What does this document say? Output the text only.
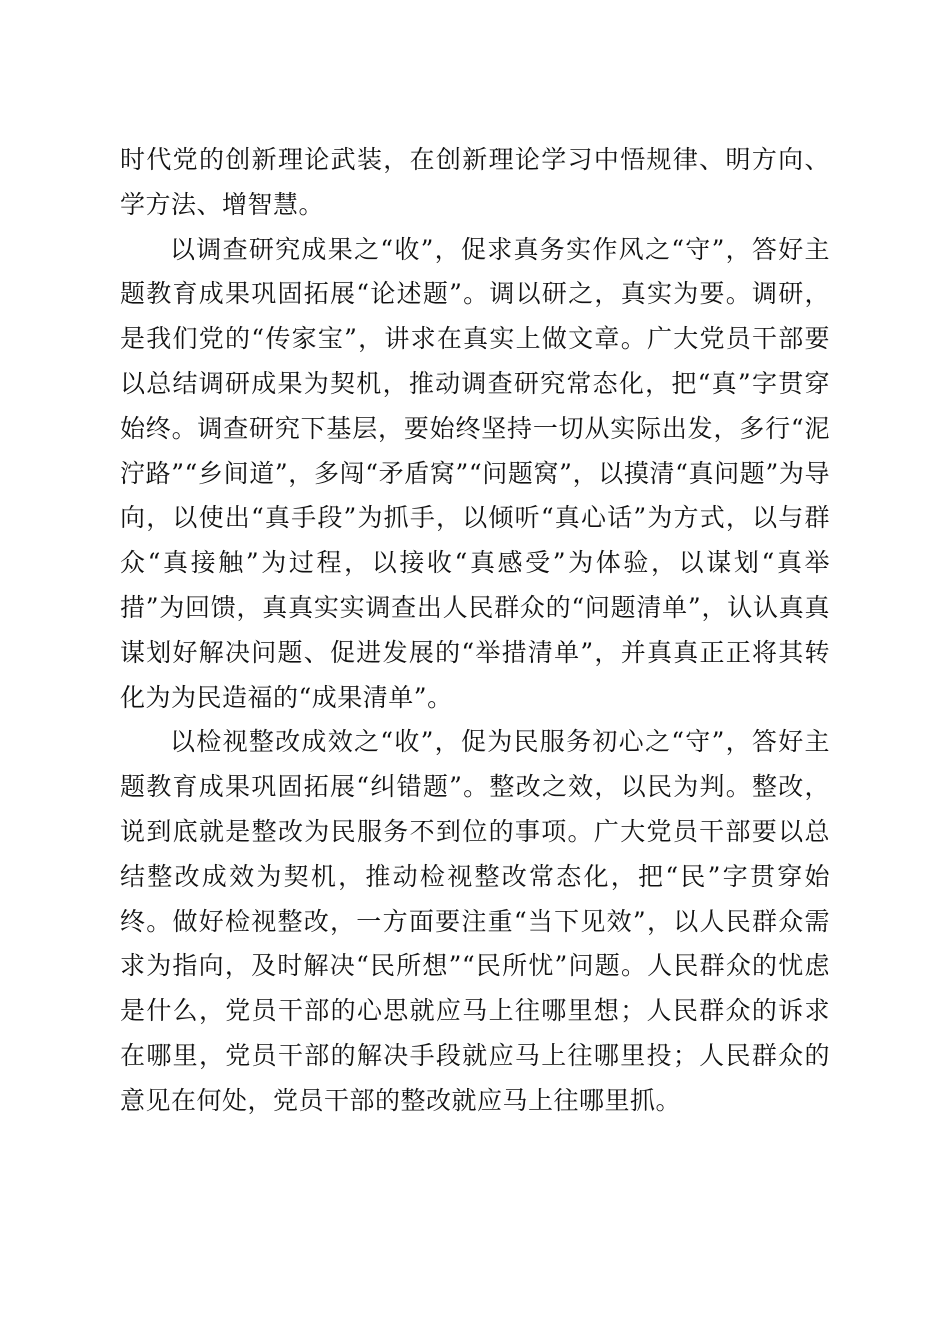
时代党的创新理论武装，在创新理论学习中悟规律、明方向、学方法、增智慧。

以调查研究成果之“收”，促求真务实作风之“守”，答好主题教育成果巩固拓展“论述题”。调以研之，真实为要。调研，是我们党的“传家宝”，讲求在真实上做文章。广大党员干部要以总结调研成果为契机，推动调查研究常态化，把“真”字贯穿始终。调查研究下基层，要始终坚持一切从实际出发，多行“泥泞路”“乡间道”，多闯“矛盾窝”“问题窝”，以摸清“真问题”为导向，以使出“真手段”为抓手，以倾听“真心话”为方式，以与群众“真接触”为过程，以接收“真感受”为体验，以谋划“真举措”为回馈，真真实实调查出人民群众的“问题清单”，认认真真谋划好解决问题、促进发展的“举措清单”，并真真正正将其转化为为民造福的“成果清单”。

以检视整改成效之“收”，促为民服务初心之“守”，答好主题教育成果巩固拓展“纠错题”。整改之效，以民为判。整改，说到底就是整改为民服务不到位的事项。广大党员干部要以总结整改成效为契机，推动检视整改常态化，把“民”字贯穿始终。做好检视整改，一方面要注重“当下见效”，以人民群众需求为指向，及时解决“民所想”“民所忧”问题。人民群众的忧虑是什么，党员干部的心思就应马上往哪里想；人民群众的诉求在哪里，党员干部的解决手段就应马上往哪里投；人民群众的意见在何处，党员干部的整改就应马上往哪里抓。
